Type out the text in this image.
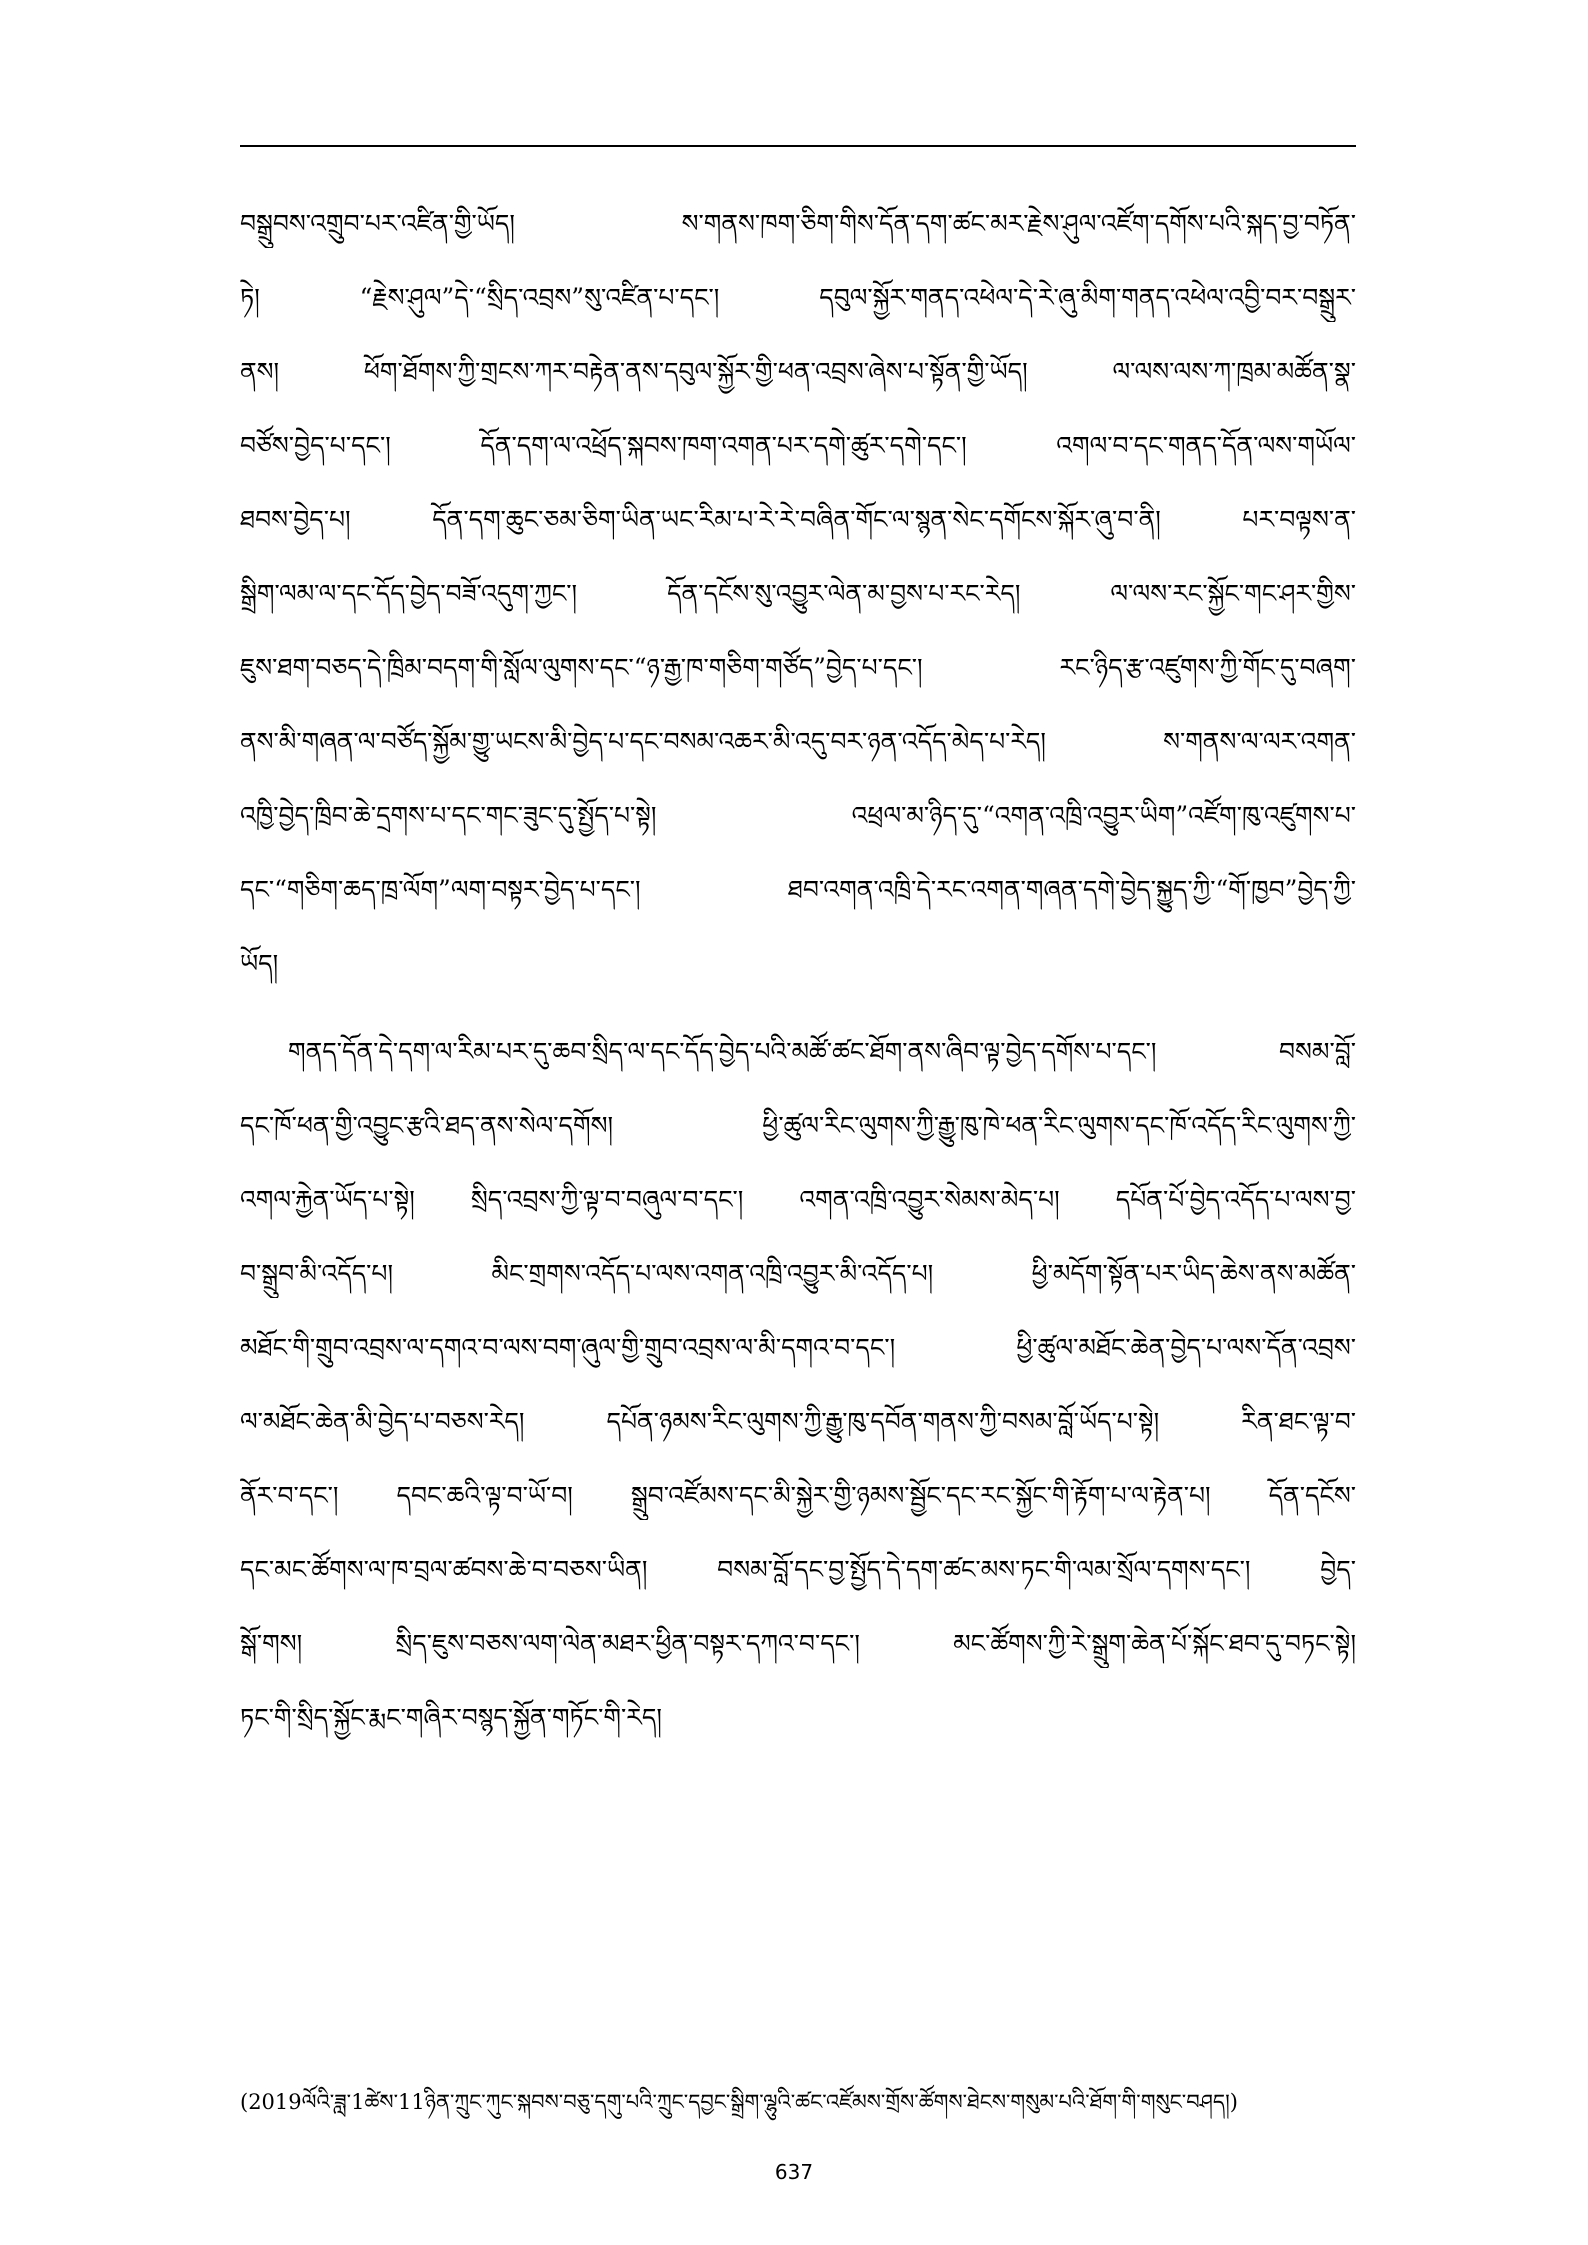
བསྒྲུབས་འགྲུབ་པར་འཛིན་གྱི་ཡོད། ས་གནས་ཁག་ཅིག་གིས་དོན་དག་ཚང་མར་རྗེས་ཤུལ་འཛོག་དགོས་པའི་སྐད་བྱ་བཏོན་
ཏེ། “རྗེས་ཤུལ”དེ་“སྲིད་འབྲས”སུ་འཛིན་པ་དང་། དབུལ་སྐྱོར་གནད་འཕེལ་དེ་རེ་ཞུ་མིག་གནད་འཕེལ་འབྱི་བར་བསྒྲུར་
ནས། ཕོག་ཐོགས་ཀྱི་གྲངས་ཀར་བརྟེན་ནས་དབུལ་སྐྱོར་གྱི་ཕན་འབྲས་ཞེས་པ་སྟོན་གྱི་ཡོད། ལ་ལས་ལས་ཀ་ཁྲམ་མཚོན་སྣ་
བཙོས་བྱེད་པ་དང་། དོན་དག་ལ་འཕྲོད་སྐབས་ཁག་འགན་པར་དགེ་ཚུར་དགེ་དང་། འགལ་བ་དང་གནད་དོན་ལས་གཡོལ་
ཐབས་བྱེད་པ། དོན་དག་ཆུང་ཅམ་ཅིག་ཡིན་ཡང་རིམ་པ་རེ་རེ་བཞིན་གོང་ལ་སྙན་སེང་དགོངས་སྐོར་ཞུ་བ་ནི། པར་བལྟས་ན་
སྒྲིག་ལམ་ལ་དང་དོད་བྱེད་བཟོ་འདུག་ཀྱང་། དོན་དངོས་སུ་འབྱུར་ལེན་མ་བྱས་པ་རང་རེད། ལ་ལས་རང་སྐྱོང་གང་ཤར་གྱིས་
ཇུས་ཐག་བཅད་དེ་ཁྲིམ་བདག་གི་སློལ་ལུགས་དང་“ཉ་རྒྱ་ཁ་གཅིག་གཙོད”བྱེད་པ་དང་། རང་ཉིད་རྩ་འཛུགས་ཀྱི་གོང་དུ་བཞག་
ནས་མི་གཞན་ལ་བཙོད་སྐྱོམ་གྱུ་ཡངས་མི་བྱེད་པ་དང་བསམ་འཆར་མི་འདུ་བར་ཉན་འདོད་མེད་པ་རེད། ས་གནས་ལ་ལར་འགན་
འཁྱི་བྱེད་ཁྲིབ་ཆེ་དྲགས་པ་དང་གང་ཟུང་དུ་སྤྱོད་པ་སྟེ། འཕྲལ་མ་ཉིད་དུ་“འགན་འཁྲི་འབྱུར་ཡིག”འཛོག་ཁུ་འཛུགས་པ་
དང་“གཅིག་ཆད་ཁྲ་ལོག”ལག་བསྟར་བྱེད་པ་དང་། ཐབ་འགན་འཁྲི་དེ་རང་འགན་གཞན་དགེ་བྱེད་སྐྱུད་ཀྱི་“གོ་ཁྱབ”བྱེད་ཀྱི་
ཡོད།
གནད་དོན་དེ་དག་ལ་རིམ་པར་དུ་ཆབ་སྲིད་ལ་དང་དོད་བྱེད་པའི་མཚོ་ཚང་ཐོག་ནས་ཞིབ་ལྟ་བྱེད་དགོས་པ་དང་། བསམ་བློ་
དང་ཁོ་ཕན་གྱི་འབྱུང་རྩའི་ཐད་ནས་སེལ་དགོས། ཕྱི་ཚུལ་རིང་ལུགས་ཀྱི་རྒྱུ་ཁུ་ཁེ་ཕན་རིང་ལུགས་དང་ཁོ་འདོད་རིང་ལུགས་ཀྱི་
འགལ་རྐྱེན་ཡོད་པ་སྟེ། སྲིད་འབྲས་ཀྱི་ལྟ་བ་བཞུལ་བ་དང་། འགན་འཁྲི་འབྱུར་སེམས་མེད་པ། དཔོན་པོ་བྱེད་འདོད་པ་ལས་བྱ་
བ་སྒྲུབ་མི་འདོད་པ། མིང་གྲགས་འདོད་པ་ལས་འགན་འཁྲི་འབྱུར་མི་འདོད་པ། ཕྱི་མདོག་སྟོན་པར་ཡིད་ཆེས་ནས་མཚོན་
མཐོང་གི་གྲུབ་འབྲས་ལ་དགའ་བ་ལས་བག་ཞུལ་གྱི་གྲུབ་འབྲས་ལ་མི་དགའ་བ་དང་། ཕྱི་ཚུལ་མཐོང་ཆེན་བྱེད་པ་ལས་དོན་འབྲས་
ལ་མཐོང་ཆེན་མི་བྱེད་པ་བཅས་རེད། དཔོན་ཉམས་རིང་ལུགས་ཀྱི་རྒྱུ་ཁུ་དབོན་གནས་ཀྱི་བསམ་བློ་ཡོད་པ་སྟེ། རིན་ཐང་ལྟ་བ་
ནོར་བ་དང་། དབང་ཆའི་ལྟ་བ་ཡོ་བ། སྒྲུབ་འཛོམས་དང་མི་སྐྱེར་གྱི་ཉམས་སྦྱོང་དང་རང་སྐྱོང་གི་རྟོག་པ་ལ་རྟེན་པ། དོན་དངོས་
དང་མང་ཚོགས་ལ་ཁ་བྲལ་ཚབས་ཆེ་བ་བཅས་ཡིན། བསམ་བློ་དང་བྱ་སྤྱོད་དེ་དག་ཚང་མས་ཏང་གི་ལམ་སྲོལ་དགས་དང་། བྱེད་
སྒོ་གས། སྲིད་ཇུས་བཅས་ལག་ལེན་མཐར་ཕྱིན་བསྟར་དཀའ་བ་དང་། མང་ཚོགས་ཀྱི་རེ་སྒྲུག་ཆེན་པོ་སྐོང་ཐབ་དུ་བཏང་སྟེ།
ཏང་གི་སྲིད་སྐྱོང་རྨང་གཞིར་བསྙད་སྐྱོན་གཏོང་གི་རེད།
(2019ལོའི་ཟླ་1ཚེས་11ཉིན་ཀྲུང་ཀུང་སྐབས་བཅུ་དགུ་པའི་ཀྲུང་དབྱང་སྒྲིག་ལྷུའི་ཚང་འཛོམས་གྲོས་ཚོགས་ཐེངས་གསུམ་པའི་ཐོག་གི་གསུང་བཤད།)
637
